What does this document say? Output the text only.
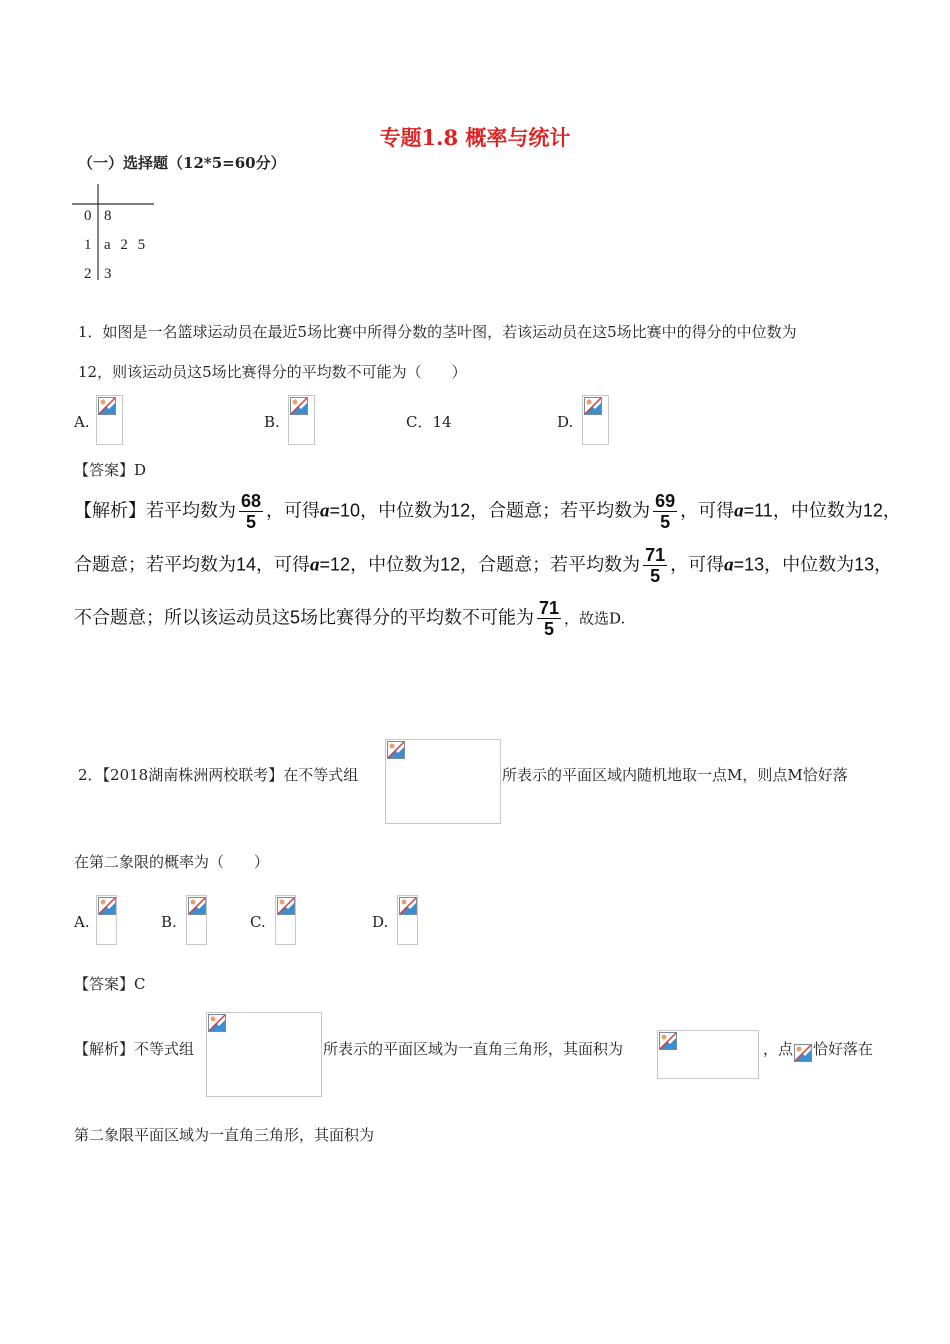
专题1.8 概率与统计
（一）选择题（12*5=60分）
0 8
1 a 2 5
2 3
1．如图是一名篮球运动员在最近5场比赛中所得分数的茎叶图，若该运动员在这5场比赛中的得分的中位数为
12，则该运动员这5场比赛得分的平均数不可能为（　　）
A.	B.	C．14	D.
【答案】D
【解析】若平均数为 $\frac{68}{5}$ ，可得a=10，中位数为12，合题意；若平均数为 $\frac{69}{5}$ ，可得a=11，中位数为12，
合题意；若平均数为14，可得a=12，中位数为12，合题意；若平均数为 $\frac{71}{5}$ ，可得a=13，中位数为13，
不合题意；所以该运动员这5场比赛得分的平均数不可能为 $\frac{71}{5}$ ，故选D.
2．【2018湖南株洲两校联考】在不等式组	所表示的平面区域内随机地取一点M，则点M恰好落
在第二象限的概率为（　　）
A.	B.	C.	D.
【答案】C
【解析】不等式组	所表示的平面区域为一直角三角形，其面积为	，点 恰好落在
第二象限平面区域为一直角三角形，其面积为
